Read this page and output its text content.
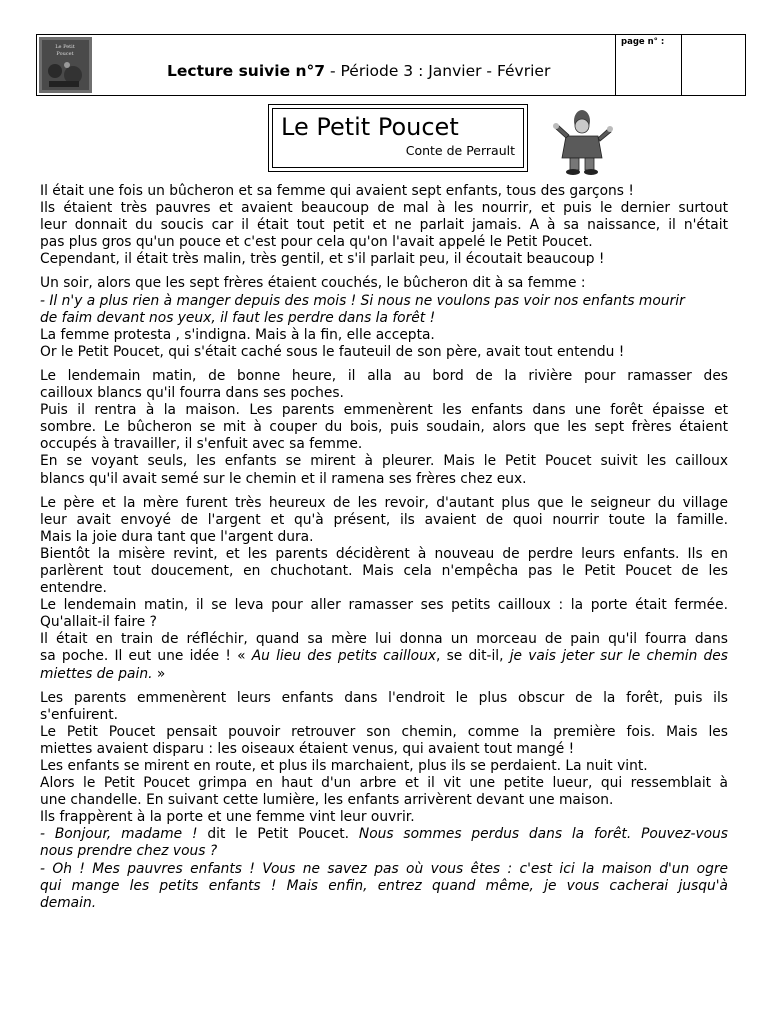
Le Petit
Poucet
Lecture suivie n°7 - Période 3 : Janvier - Février
page n° :
Le Petit Poucet
Conte de Perrault

Il était une fois un bûcheron et sa femme qui avaient sept enfants, tous des garçons !
Ils étaient très pauvres et avaient beaucoup de mal à les nourrir, et puis le dernier surtout
leur donnait du soucis car il était tout petit et ne parlait jamais. A à sa naissance, il n'était
pas plus gros qu'un pouce et c'est pour cela qu'on l'avait appelé le Petit Poucet.
Cependant, il était très malin, très gentil, et s'il parlait peu, il écoutait beaucoup !

Un soir, alors que les sept frères étaient couchés, le bûcheron dit à sa femme :
- Il n'y a plus rien à manger depuis des mois ! Si nous ne voulons pas voir nos enfants mourir
de faim devant nos yeux, il faut les perdre dans la forêt !
La femme protesta , s'indigna. Mais à la fin, elle accepta.
Or le Petit Poucet, qui s'était caché sous le fauteuil de son père, avait tout entendu !

Le lendemain matin, de bonne heure, il alla au bord de la rivière pour ramasser des
cailloux blancs qu'il fourra dans ses poches.
Puis il rentra à la maison. Les parents emmenèrent les enfants dans une forêt épaisse et
sombre. Le bûcheron se mit à couper du bois, puis soudain, alors que les sept frères étaient
occupés à travailler, il s'enfuit avec sa femme.
En se voyant seuls, les enfants se mirent à pleurer. Mais le Petit Poucet suivit les cailloux
blancs qu'il avait semé sur le chemin et il ramena ses frères chez eux.

Le père et la mère furent très heureux de les revoir, d'autant plus que le seigneur du village
leur avait envoyé de l'argent et qu'à présent, ils avaient de quoi nourrir toute la famille.
Mais la joie dura tant que l'argent dura.
Bientôt la misère revint, et les parents décidèrent à nouveau de perdre leurs enfants. Ils en
parlèrent tout doucement, en chuchotant. Mais cela n'empêcha pas le Petit Poucet de les
entendre.
Le lendemain matin, il se leva pour aller ramasser ses petits cailloux : la porte était fermée.
Qu'allait-il faire ?
Il était en train de réfléchir, quand sa mère lui donna un morceau de pain qu'il fourra dans
sa poche. Il eut une idée ! « Au lieu des petits cailloux, se dit-il, je vais jeter sur le chemin des
miettes de pain. »

Les parents emmenèrent leurs enfants dans l'endroit le plus obscur de la forêt, puis ils
s'enfuirent.
Le Petit Poucet pensait pouvoir retrouver son chemin, comme la première fois. Mais les
miettes avaient disparu : les oiseaux étaient venus, qui avaient tout mangé !
Les enfants se mirent en route, et plus ils marchaient, plus ils se perdaient. La nuit vint.
Alors le Petit Poucet grimpa en haut d'un arbre et il vit une petite lueur, qui ressemblait à
une chandelle. En suivant cette lumière, les enfants arrivèrent devant une maison.
Ils frappèrent à la porte et une femme vint leur ouvrir.
- Bonjour, madame ! dit le Petit Poucet. Nous sommes perdus dans la forêt. Pouvez-vous
nous prendre chez vous ?
- Oh ! Mes pauvres enfants ! Vous ne savez pas où vous êtes : c'est ici la maison d'un ogre
qui mange les petits enfants ! Mais enfin, entrez quand même, je vous cacherai jusqu'à
demain.
